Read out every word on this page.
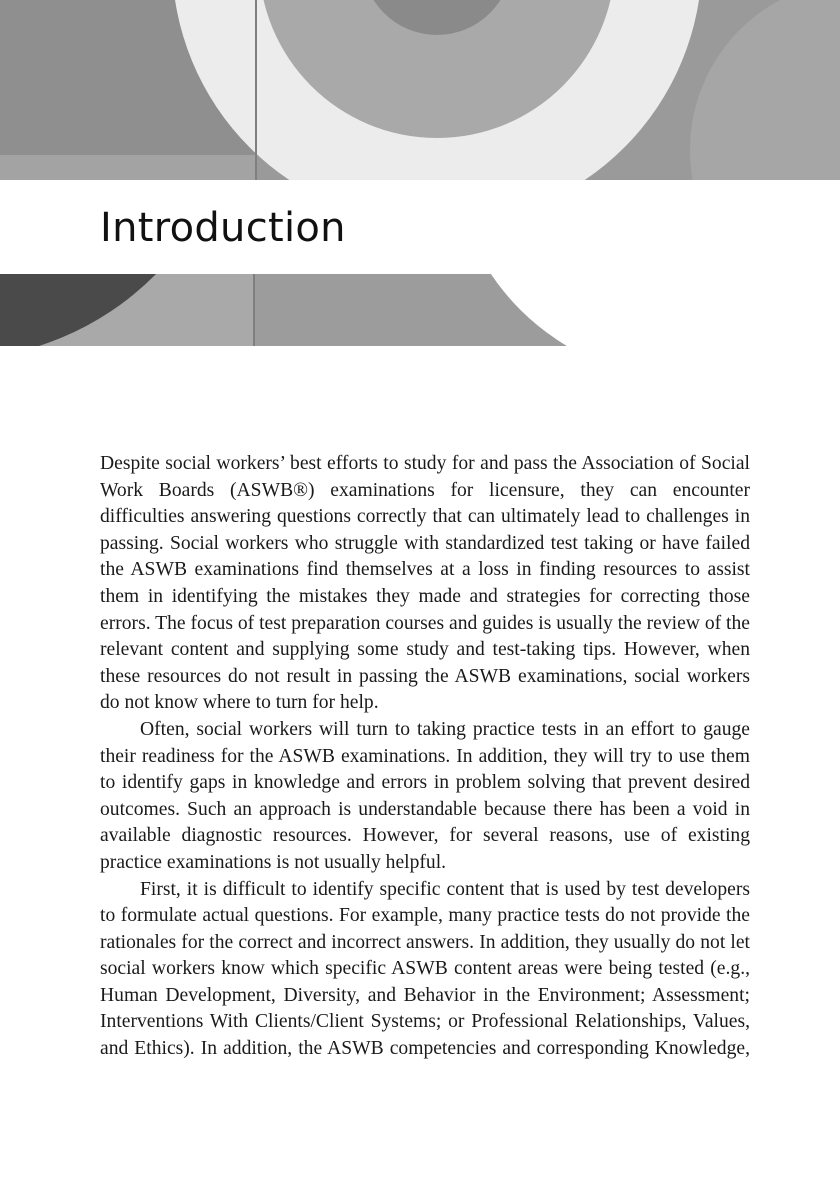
Introduction

Despite social workers’ best efforts to study for and pass the Association of Social Work Boards (ASWB®) examinations for licensure, they can encounter difficulties answering questions correctly that can ultimately lead to challenges in passing. Social workers who struggle with standardized test taking or have failed the ASWB examinations find themselves at a loss in finding resources to assist them in identifying the mistakes they made and strategies for correcting those errors. The focus of test preparation courses and guides is usually the review of the relevant content and supplying some study and test-taking tips. However, when these resources do not result in passing the ASWB examinations, social workers do not know where to turn for help.

Often, social workers will turn to taking practice tests in an effort to gauge their readiness for the ASWB examinations. In addition, they will try to use them to identify gaps in knowledge and errors in problem solving that prevent desired outcomes. Such an approach is understandable because there has been a void in available diagnostic resources. However, for several reasons, use of existing practice examinations is not usually helpful.

First, it is difficult to identify specific content that is used by test developers to formulate actual questions. For example, many practice tests do not provide the rationales for the correct and incorrect answers. In addition, they usually do not let social workers know which specific ASWB content areas were being tested (e.g., Human Development, Diversity, and Behavior in the Environment; Assessment; Interventions With Clients/Client Systems; or Professional Relationships, Values, and Ethics). In addition, the ASWB competencies and corresponding Knowledge,
